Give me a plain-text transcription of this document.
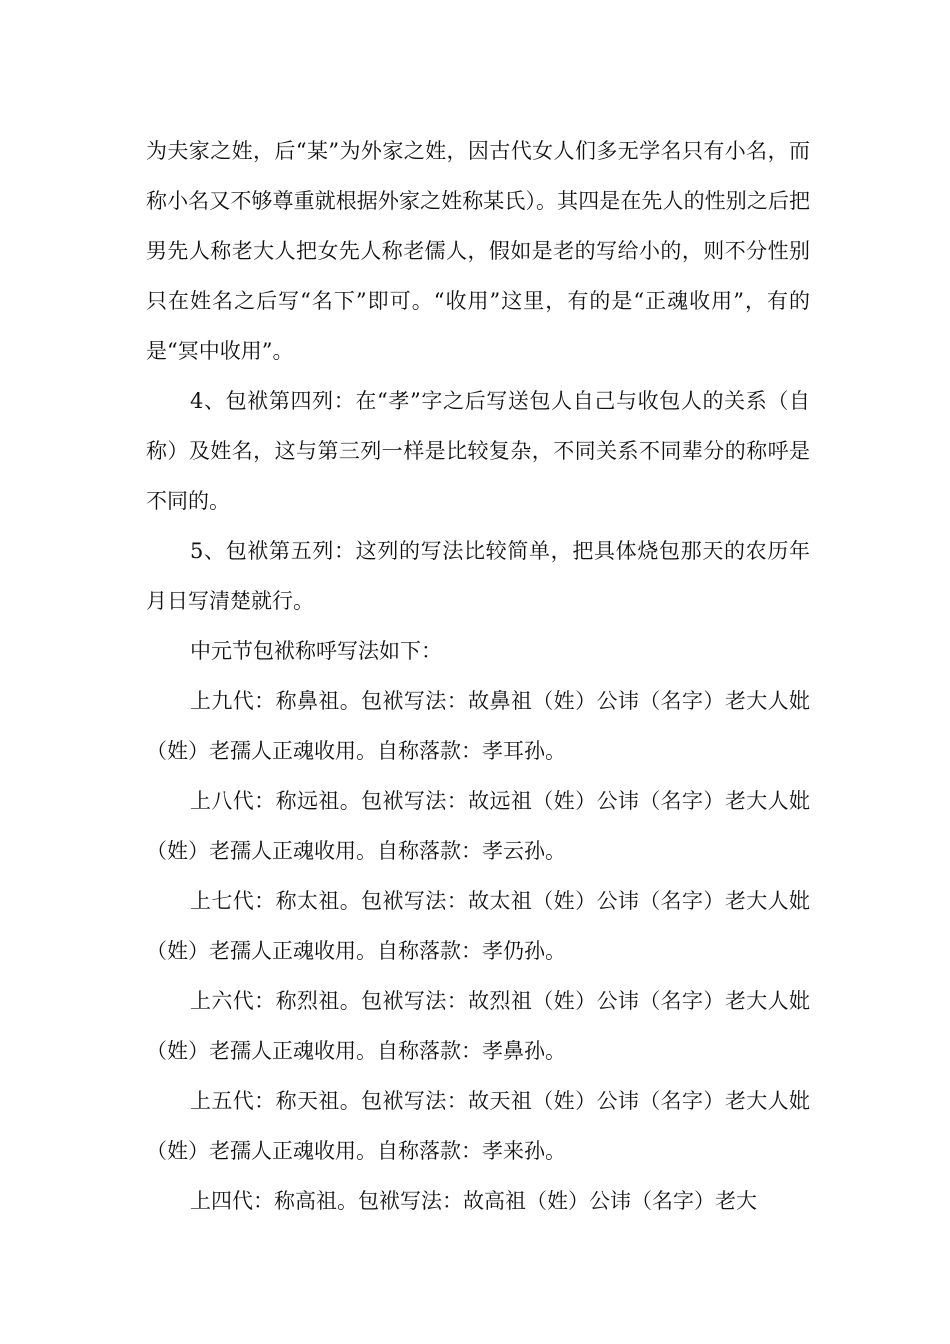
为夫家之姓，后“某”为外家之姓，因古代女人们多无学名只有小名，而称小名又不够尊重就根据外家之姓称某氏）。其四是在先人的性别之后把男先人称老大人把女先人称老儒人，假如是老的写给小的，则不分性别只在姓名之后写“名下”即可。“收用”这里，有的是“正魂收用”，有的是“冥中收用”。

4、包袱第四列：在“孝”字之后写送包人自己与收包人的关系（自称）及姓名，这与第三列一样是比较复杂，不同关系不同辈分的称呼是不同的。

5、包袱第五列：这列的写法比较简单，把具体烧包那天的农历年月日写清楚就行。

中元节包袱称呼写法如下：

上九代：称鼻祖。包袱写法：故鼻祖（姓）公讳（名字）老大人妣（姓）老孺人正魂收用。自称落款：孝耳孙。

上八代：称远祖。包袱写法：故远祖（姓）公讳（名字）老大人妣（姓）老孺人正魂收用。自称落款：孝云孙。

上七代：称太祖。包袱写法：故太祖（姓）公讳（名字）老大人妣（姓）老孺人正魂收用。自称落款：孝仍孙。

上六代：称烈祖。包袱写法：故烈祖（姓）公讳（名字）老大人妣（姓）老孺人正魂收用。自称落款：孝鼻孙。

上五代：称天祖。包袱写法：故天祖（姓）公讳（名字）老大人妣（姓）老孺人正魂收用。自称落款：孝来孙。

上四代：称高祖。包袱写法：故高祖（姓）公讳（名字）老大
